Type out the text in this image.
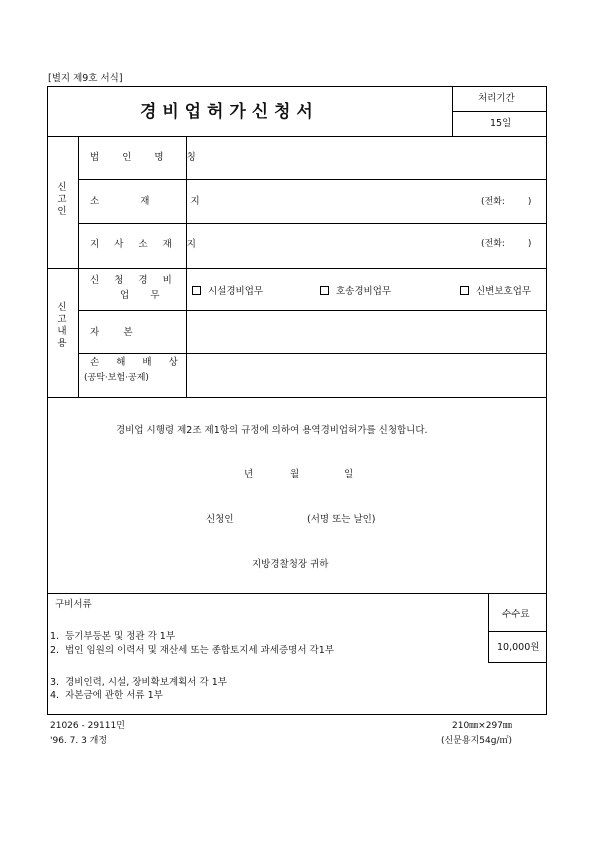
[별지 제9호 서식]
경 비 업 허 가 신 청 서
처리기간
15일
신고인
법 인 명 칭
소   재   지	(전화:        )
지 사 소 재 지	(전화:        )
신고내용
신 청 경 비
업       무	시설경비업무	호송경비업무	신변보호업무
자        본
손 해 배 상
(공탁·보험·공제)
경비업 시행령 제2조 제1항의 규정에 의하여 용역경비업허가를 신청합니다.
년	월	일
신청인	(서명 또는 날인)
지방경찰청장 귀하
구비서류
1.  등기부등본 및 정관 각 1부
2.  법인 임원의 이력서 및 재산세 또는 종합토지세 과세증명서 각1부
3.  경비인력, 시설, 장비확보계획서 각 1부
4.  자본금에 관한 서류 1부
수수료
10,000원
21026 - 29111민
'96. 7. 3 개정
210㎜×297㎜
(신문용지54g/㎡)
